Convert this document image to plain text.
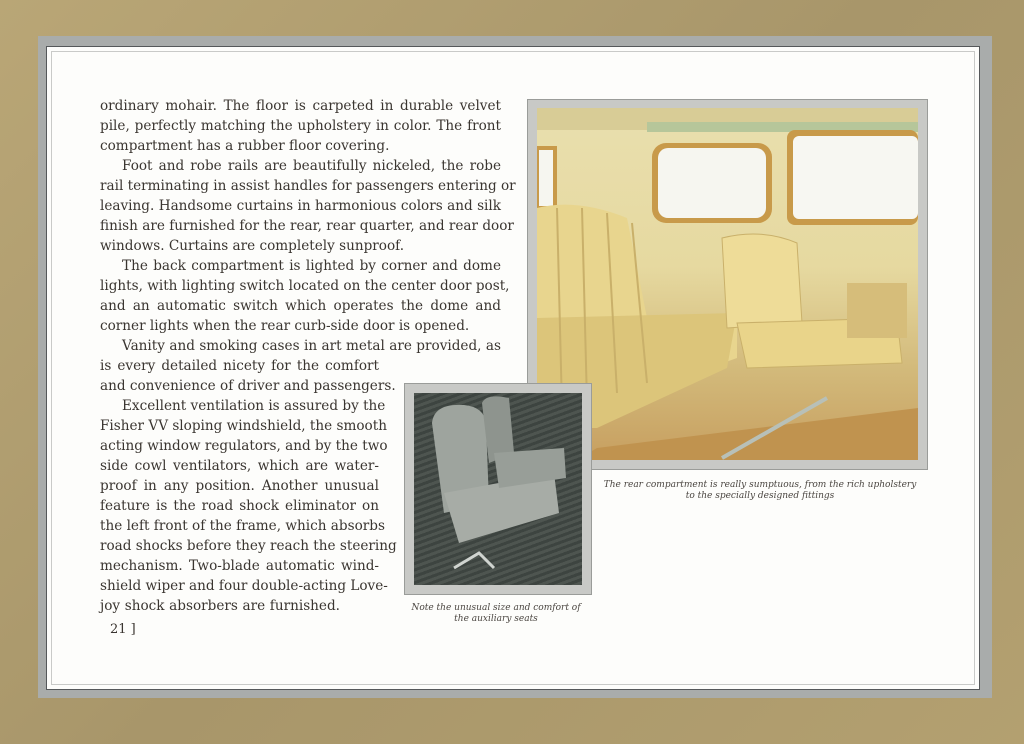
ordinary mohair. The floor is carpeted in durable velvet
pile, perfectly matching the upholstery in color. The front
compartment has a rubber floor covering.
Foot and robe rails are beautifully nickeled, the robe
rail terminating in assist handles for passengers entering or
leaving. Handsome curtains in harmonious colors and silk
finish are furnished for the rear, rear quarter, and rear door
windows. Curtains are completely sunproof.
The back compartment is lighted by corner and dome
lights, with lighting switch located on the center door post,
and an automatic switch which operates the dome and
corner lights when the rear curb-side door is opened.
Vanity and smoking cases in art metal are provided, as
is every detailed nicety for the comfort
and convenience of driver and passengers.
Excellent ventilation is assured by the
Fisher VV sloping windshield, the smooth
acting window regulators, and by the two
side cowl ventilators, which are water-
proof in any position. Another unusual
feature is the road shock eliminator on
the left front of the frame, which absorbs
road shocks before they reach the steering
mechanism. Two-blade automatic wind-
shield wiper and four double-acting Love-
joy shock absorbers are furnished.
21 ]
The rear compartment is really sumptuous, from the rich upholstery
to the specially designed fittings
Note the unusual size and comfort of
the auxiliary seats
